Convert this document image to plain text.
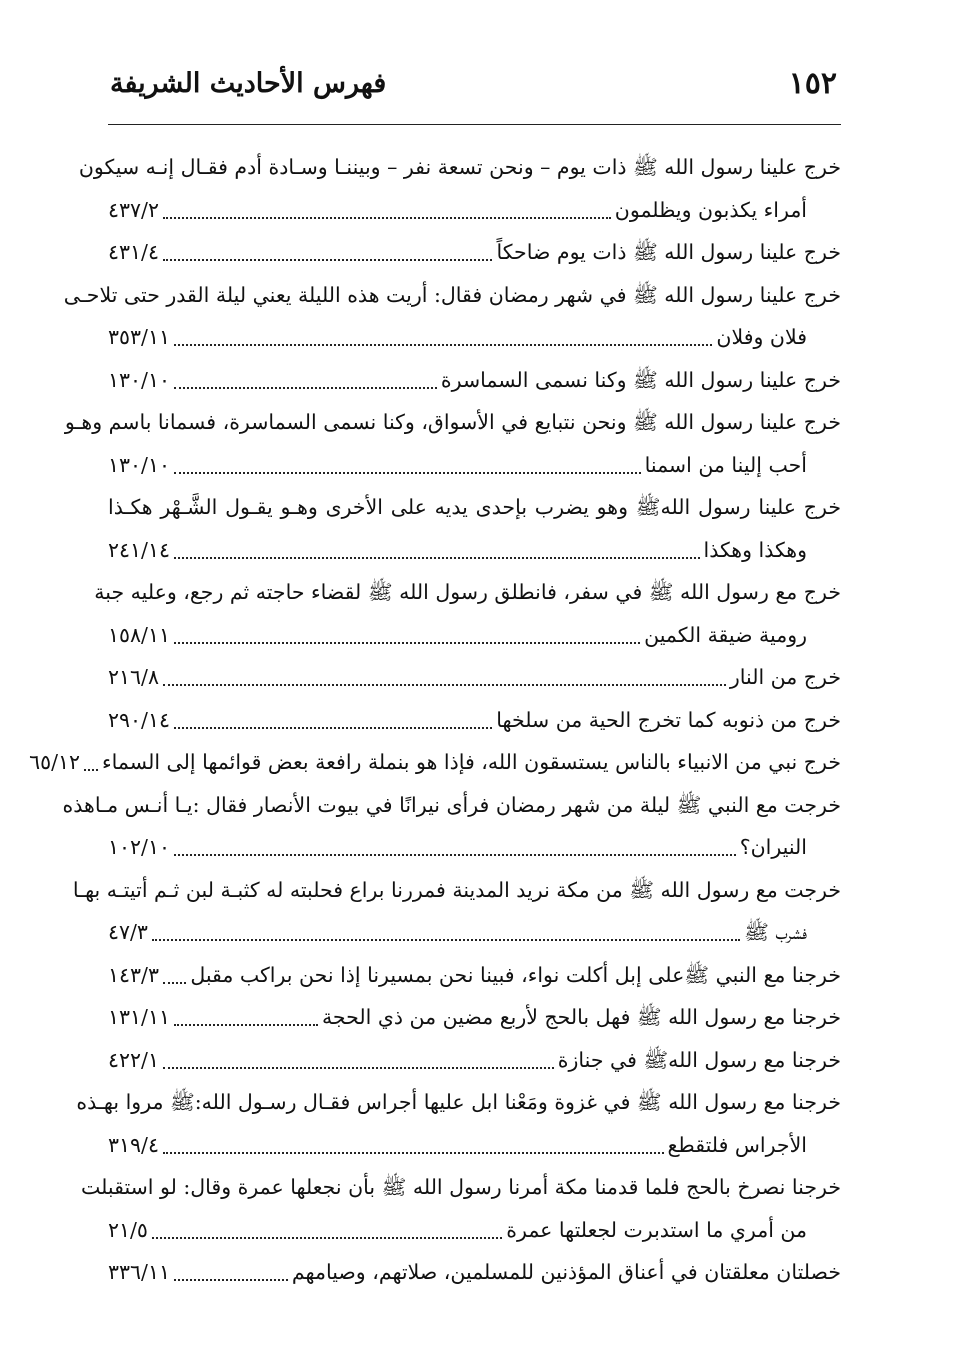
١٥٢
فهرس الأحاديث الشريفة
خرج علينا رسول الله ﷺ ذات يوم – ونحن تسعة نفر – وبيننـا وسـادة أدم فقـال إنـه سيكون
أمراء يكذبون ويظلمون
٤٣٧/٢
خرج علينا رسول الله ﷺ ذات يوم ضاحكاً
٤٣١/٤
خرج علينا رسول الله ﷺ في شهر رمضان فقال: أريت هذه الليلة يعني ليلة القدر حتى تلاحـى
فلان وفلان
٣٥٣/١١
خرج علينا رسول الله ﷺ وكنا نسمى السماسرة
١٣٠/١٠
خرج علينا رسول الله ﷺ ونحن نتبايع في الأسواق، وكنا نسمى السماسرة، فسمانا باسم وهـو
أحب إلينا من اسمنا
١٣٠/١٠
خرج علينا رسول اللهﷺ وهو يضرب بإحدى يديه على الأخرى وهـو يقـول الشَّـهْر هكـذا
وهكذا وهكذا
٢٤١/١٤
خرج مع رسول الله ﷺ في سفر، فانطلق رسول الله ﷺ لقضاء حاجته ثم رجع، وعليه جبة
رومية ضيقة الكمين
١٥٨/١١
خرج من النار
٢١٦/٨
خرج من ذنوبه كما تخرج الحية من سلخها
٢٩٠/١٤
خرج نبي من الانبياء بالناس يستسقون الله، فإذا هو بنملة رافعة بعض قوائمها إلى السماء
٦٥/١٢
خرجت مع النبي ﷺ ليلة من شهر رمضان فرأى نيرانًا في بيوت الأنصار فقال :يـا أنـس مـاهذه
النيران؟
١٠٢/١٠
خرجت مع رسول الله ﷺ من مكة نريد المدينة فمررنا براع فحلبته له كثبـة لبن ثـم أتيتـه بهـا
فشرب ﷺ
٤٧/٣
خرجنا مع النبي ﷺعلى إبل أكلت نواء، فبينا نحن بمسيرنا إذا نحن براكب مقبل
١٤٣/٣
خرجنا مع رسول الله ﷺ فهل بالحج لأربع مضين من ذي الحجة
١٣١/١١
خرجنا مع رسول اللهﷺ في جنازة
٤٢٢/١
خرجنا مع رسول الله ﷺ في غزوة ومَعْنا ابل عليها أجراس فقـال رسـول الله:ﷺ مروا بهـذه
الأجراس فلتقطع
٣١٩/٤
خرجنا نصرخ بالحج فلما قدمنا مكة أمرنا رسول الله ﷺ بأن نجعلها عمرة وقال: لو استقبلت
من أمري ما استدبرت لجعلتها عمرة
٢١/٥
خصلتان معلقتان في أعناق المؤذنين للمسلمين، صلاتهم، وصيامهم
٣٣٦/١١
